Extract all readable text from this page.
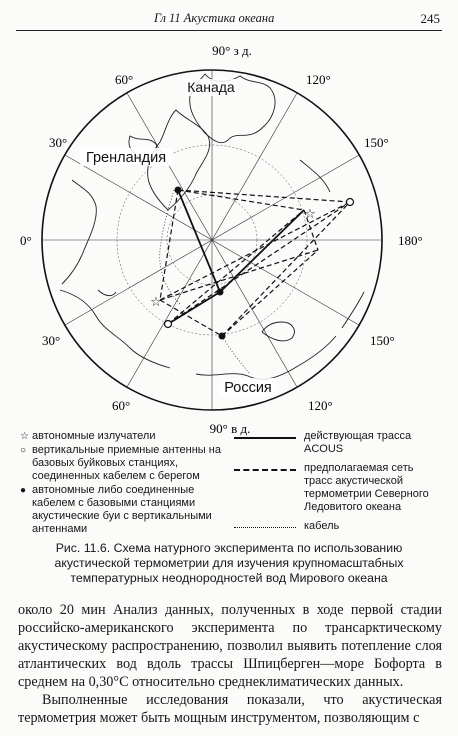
Гл 11 Акустика океана	245
☆
☆
Канада
Гренландия
Россия
90° з д.
90° в д.
0°	180°
60°
30°
30°
60°
120°
150°
150°
120°
☆ автономные излучатели
○ вертикальные приемные антенны на базовых буйковых станциях, соединенных кабелем с берегом
● автономные либо соединенные кабелем с базовыми станциями акустические буи с вертикальными антеннами
действующая трасса ACOUS
предполагаемая сеть трасс акустической термометрии Северного Ледовитого океана
кабель
Рис. 11.6. Схема натурного эксперимента по использованию акустической термометрии для изучения крупномасштабных температурных неоднородностей вод Мирового океана

около 20 мин Анализ данных, полученных в ходе первой стадии российско-американского эксперимента по трансарктическому акустическому распространению, позволил выявить потепление слоя атлантических вод вдоль трассы Шпицберген—море Бофорта в среднем на 0,30°С относительно среднеклиматических данных.

Выполненные исследования показали, что акустическая термометрия может быть мощным инструментом, позволяющим с
